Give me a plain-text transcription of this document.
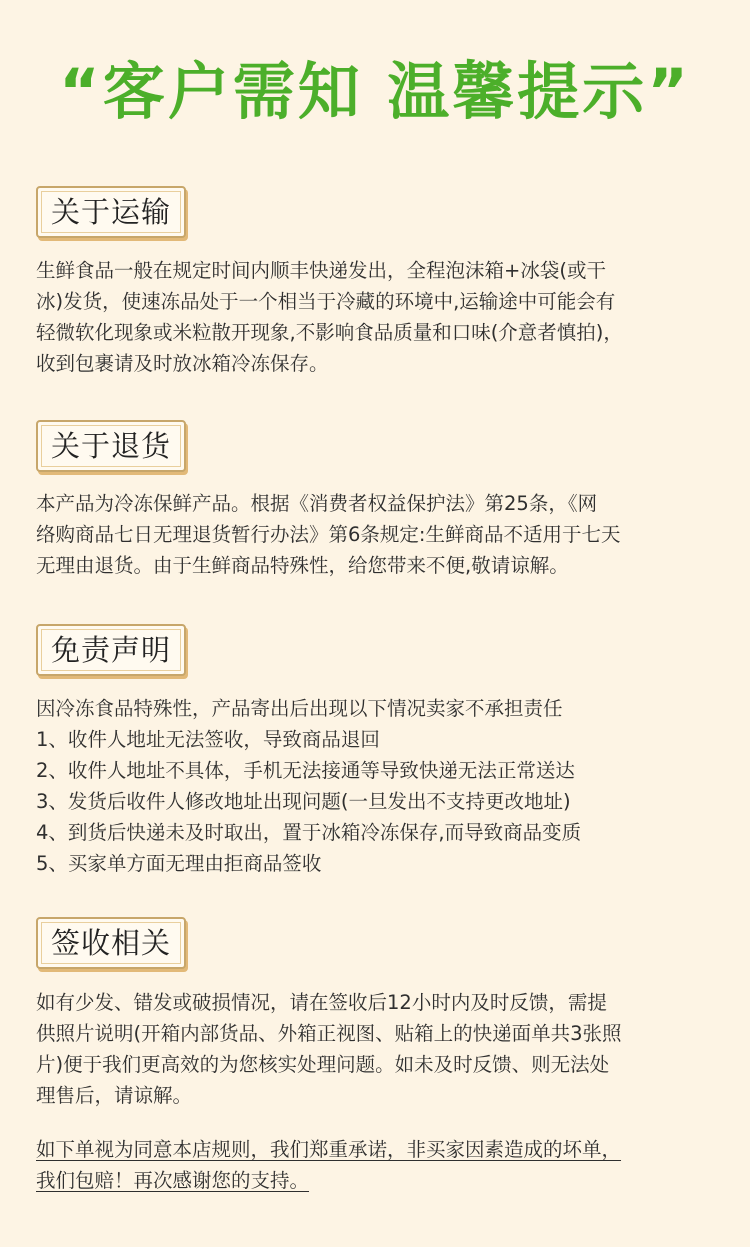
“客户需知 温馨提示”
关于运输

生鲜食品一般在规定时间内顺丰快递发出，全程泡沫箱+冰袋(或干

冰)发货，使速冻品处于一个相当于冷藏的环境中,运输途中可能会有

轻微软化现象或米粒散开现象,不影响食品质量和口味(介意者慎拍)，

收到包裹请及时放冰箱冷冻保存。

关于退货

本产品为冷冻保鲜产品。根据《消费者权益保护法》第25条，《网

络购商品七日无理退货暂行办法》第6条规定:生鲜商品不适用于七天

无理由退货。由于生鲜商品特殊性，给您带来不便,敬请谅解。

免责声明

因冷冻食品特殊性，产品寄出后出现以下情况卖家不承担责任

1、收件人地址无法签收，导致商品退回

2、收件人地址不具体，手机无法接通等导致快递无法正常送达

3、发货后收件人修改地址出现问题(一旦发出不支持更改地址)

4、到货后快递未及时取出，置于冰箱冷冻保存,而导致商品变质

5、买家单方面无理由拒商品签收

签收相关

如有少发、错发或破损情况，请在签收后12小时内及时反馈，需提

供照片说明(开箱内部货品、外箱正视图、贴箱上的快递面单共3张照

片)便于我们更高效的为您核实处理问题。如未及时反馈、则无法处

理售后，请谅解。

如下单视为同意本店规则，我们郑重承诺，非买家因素造成的坏单，

我们包赔！再次感谢您的支持。
